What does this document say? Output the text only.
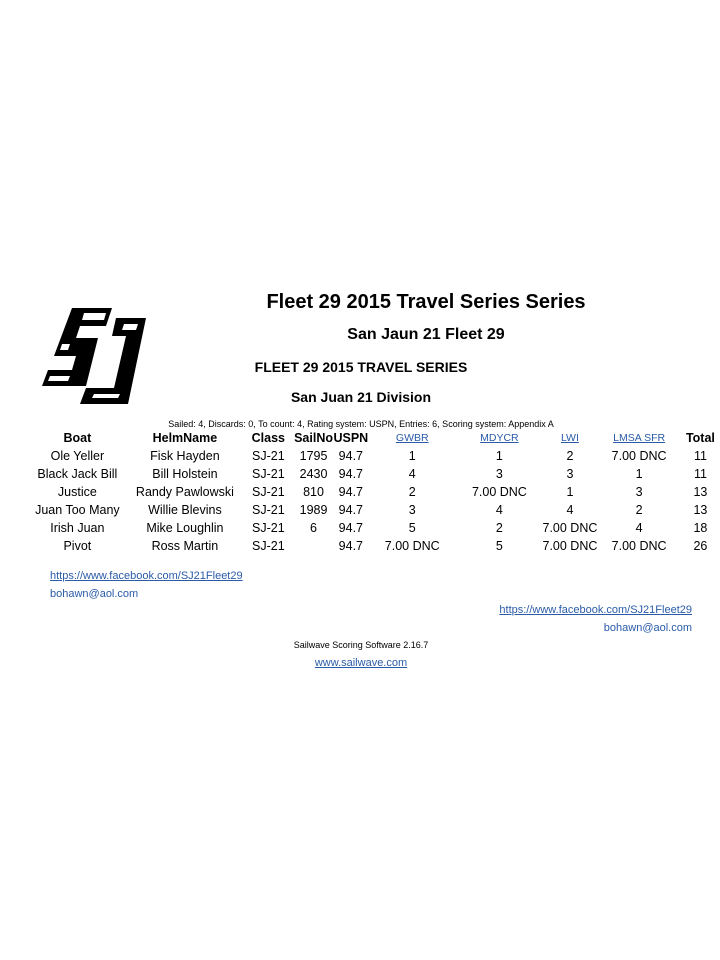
Fleet 29 2015 Travel Series Series
San Jaun 21 Fleet 29
FLEET 29 2015 TRAVEL SERIES
San Juan 21 Division
Sailed: 4, Discards: 0, To count: 4, Rating system: USPN, Entries: 6, Scoring system: Appendix A
Boat	HelmName	Class	SailNo	USPN	GWBR	MDYCR	LWI	LMSA SFR	Total
Ole Yeller	Fisk Hayden	SJ-21	1795	94.7	1	1	2	7.00 DNC	11
Black Jack Bill	Bill Holstein	SJ-21	2430	94.7	4	3	3	1	11
Justice	Randy Pawlowski	SJ-21	810	94.7	2	7.00 DNC	1	3	13
Juan Too Many	Willie Blevins	SJ-21	1989	94.7	3	4	4	2	13
Irish Juan	Mike Loughlin	SJ-21	6	94.7	5	2	7.00 DNC	4	18
Pivot	Ross Martin	SJ-21		94.7	7.00 DNC	5	7.00 DNC	7.00 DNC	26
https://www.facebook.com/SJ21Fleet29
bohawn@aol.com
https://www.facebook.com/SJ21Fleet29
bohawn@aol.com
Sailwave Scoring Software 2.16.7
www.sailwave.com
